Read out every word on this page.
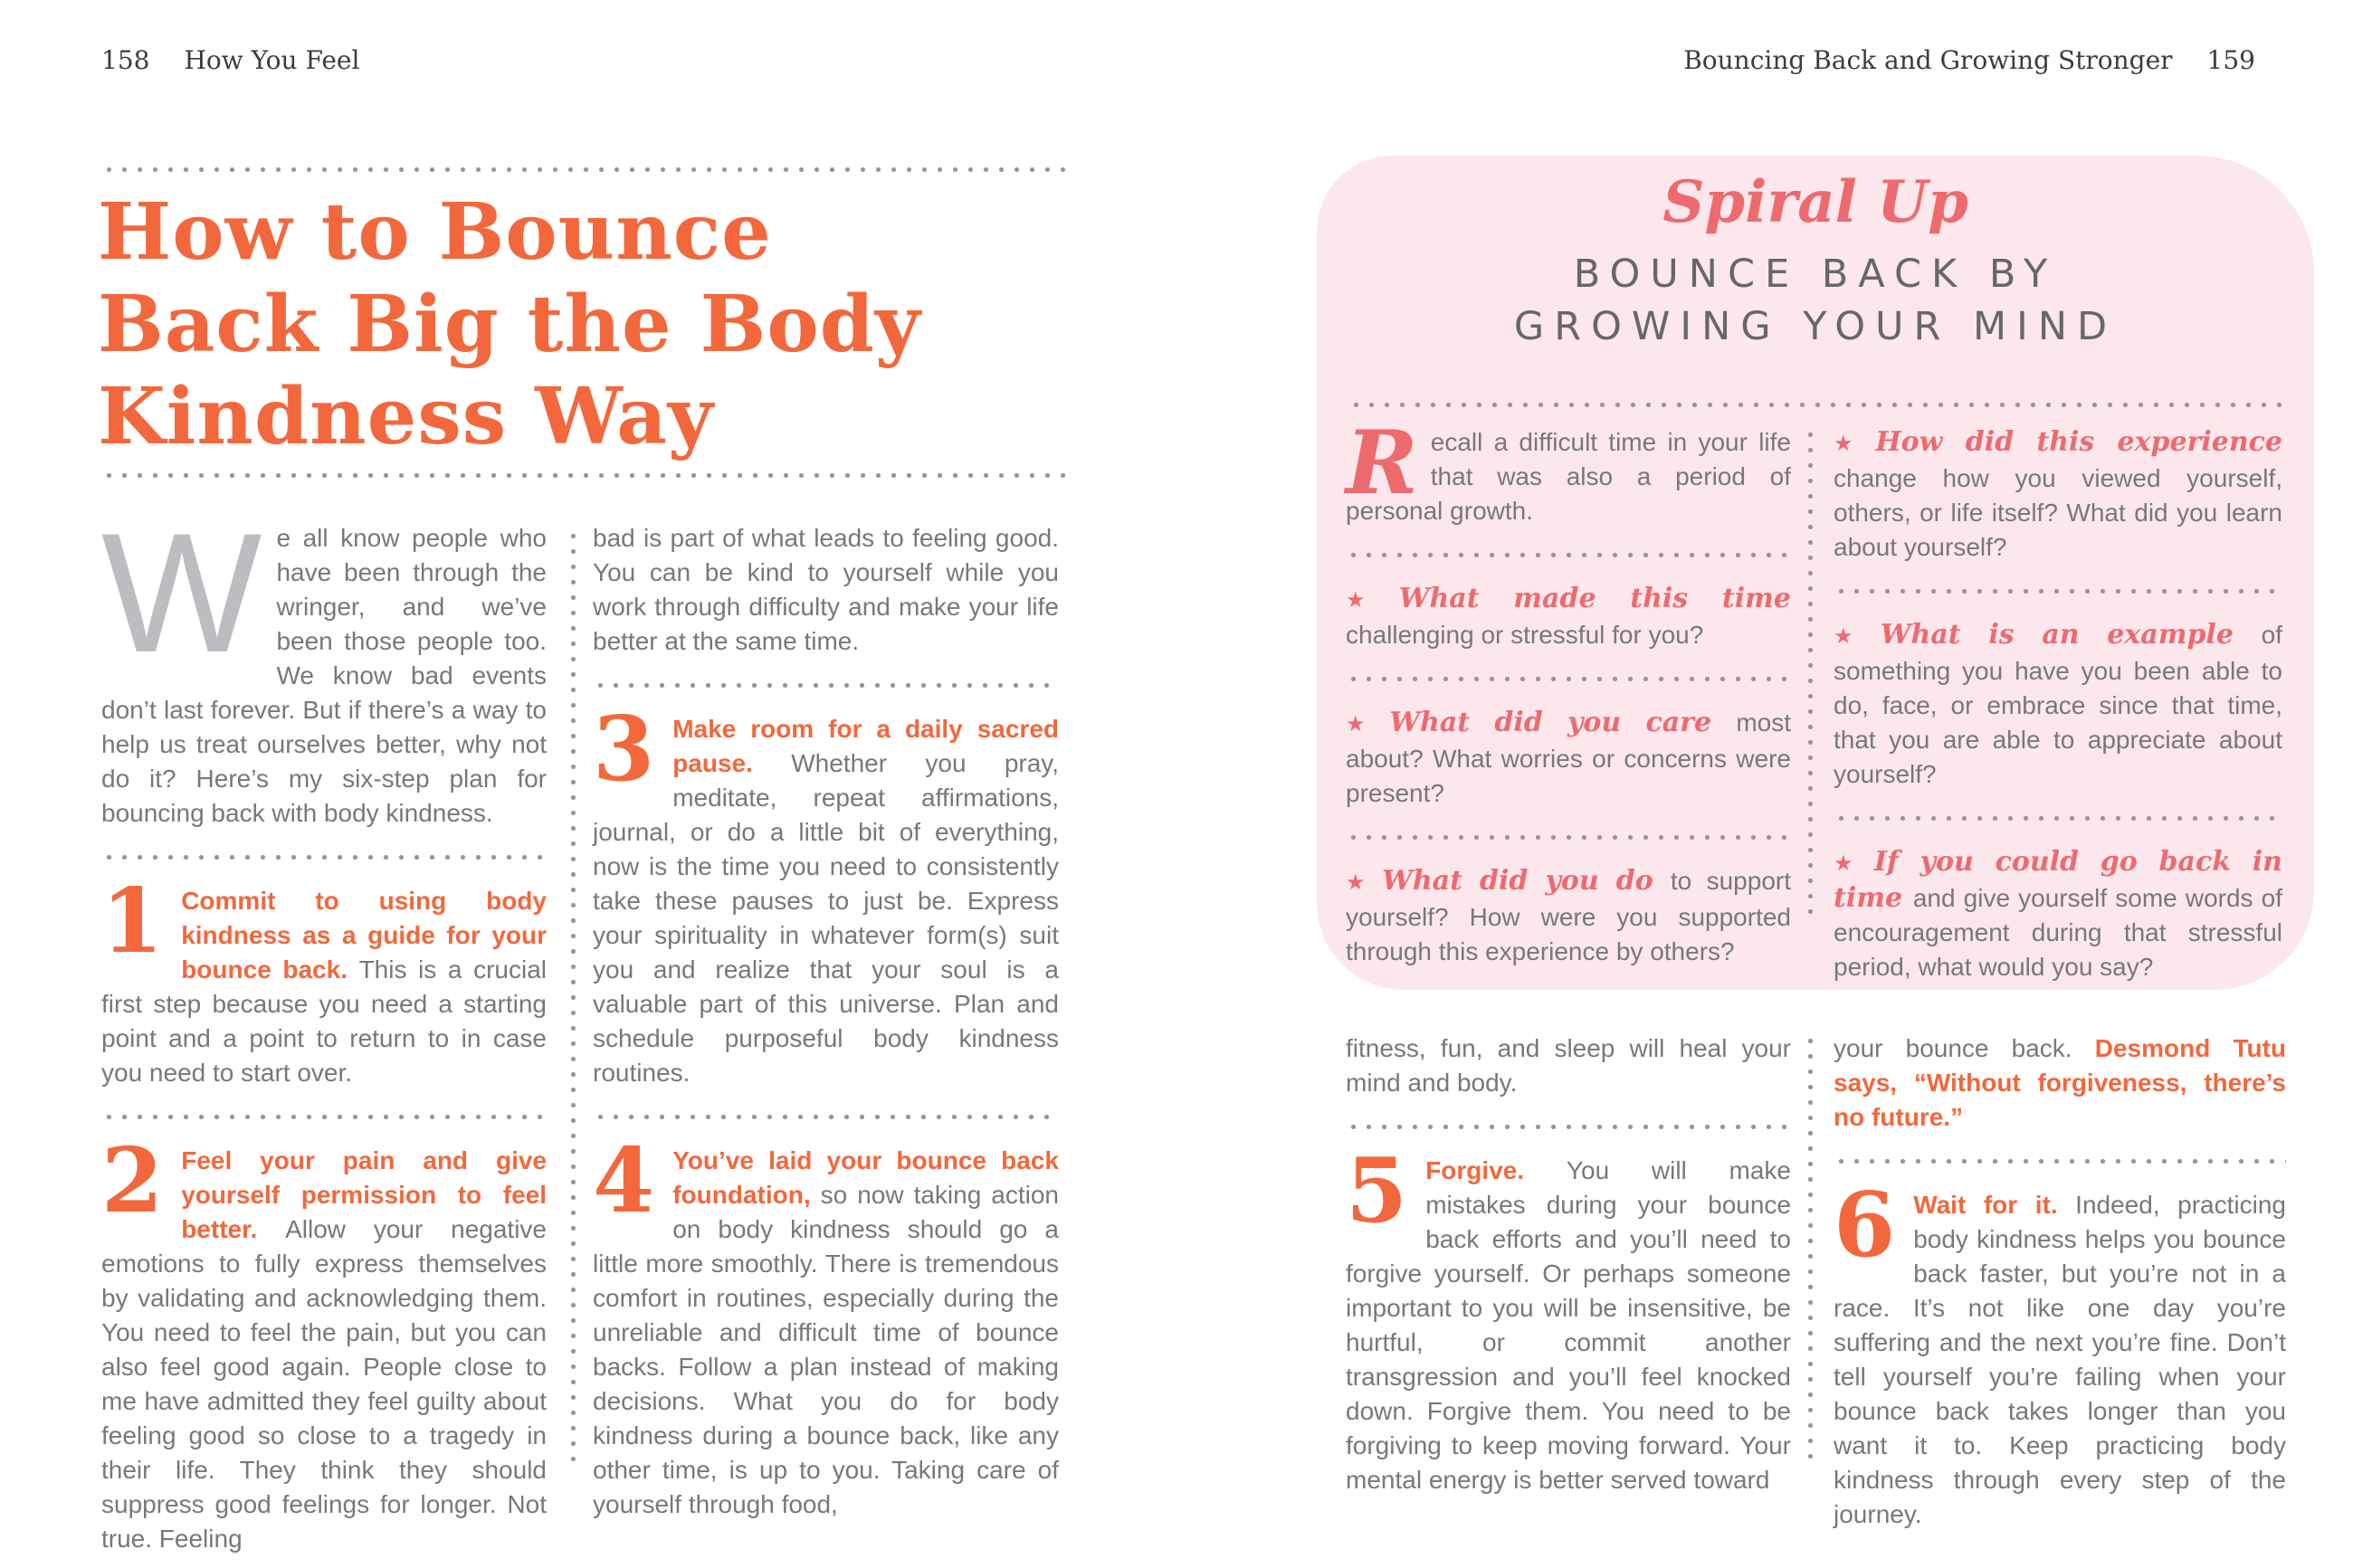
158 How You Feel
How to Bounce
Back Big the Body
Kindness Way

We all know people who have been through the wringer, and we’ve been those people too. We know bad events don’t last forever. But if there’s a way to help us treat ourselves better, why not do it? Here’s my six-step plan for bouncing back with body kindness.

1 Commit to using body kindness as a guide for your bounce back. This is a crucial first step because you need a starting point and a point to return to in case you need to start over.

2 Feel your pain and give yourself permission to feel better. Allow your negative emotions to fully express themselves by validating and acknowledging them. You need to feel the pain, but you can also feel good again. People close to me have admitted they feel guilty about feeling good so close to a tragedy in their life. They think they should suppress good feelings for longer. Not true. Feeling

bad is part of what leads to feeling good. You can be kind to yourself while you work through difficulty and make your life better at the same time.

3 Make room for a daily sacred pause. Whether you pray, meditate, repeat affirmations, journal, or do a little bit of everything, now is the time you need to consistently take these pauses to just be. Express your spirituality in whatever form(s) suit you and realize that your soul is a valuable part of this universe. Plan and schedule purposeful body kindness routines.

4 You’ve laid your bounce back foundation, so now taking action on body kindness should go a little more smoothly. There is tremendous comfort in routines, especially during the unreliable and difficult time of bounce backs. Follow a plan instead of making decisions. What you do for body kindness during a bounce back, like any other time, is up to you. Taking care of yourself through food,

Bouncing Back and Growing Stronger 159
Spiral Up
BOUNCE BACK BY
GROWING YOUR MIND

Recall a difficult time in your life that was also a period of personal growth.

★ What made this timechallenging or stressful for you?

★ What did you care most about? What worries or concerns were present?

★ What did you do to support yourself? How were you supported through this experience by others?

★ How did this experiencechange how you viewed yourself, others, or life itself? What did you learn about yourself?

★ What is an example of something you have you been able to do, face, or embrace since that time, that you are able to appreciate about yourself?

★ If you could go back in time and give yourself some words of encouragement during that stressful period, what would you say?

fitness, fun, and sleep will heal your mind and body.

5 Forgive. You will make mistakes during your bounce back efforts and you’ll need to forgive yourself. Or perhaps someone important to you will be insensitive, be hurtful, or commit another transgression and you’ll feel knocked down. Forgive them. You need to be forgiving to keep moving forward. Your mental energy is better served toward

your bounce back. Desmond Tutu says, “Without forgiveness, there’s no future.”

6 Wait for it. Indeed, practicing body kindness helps you bounce back faster, but you’re not in a race. It’s not like one day you’re suffering and the next you’re fine. Don’t tell yourself you’re failing when your bounce back takes longer than you want it to. Keep practicing body kindness through every step of the journey.
